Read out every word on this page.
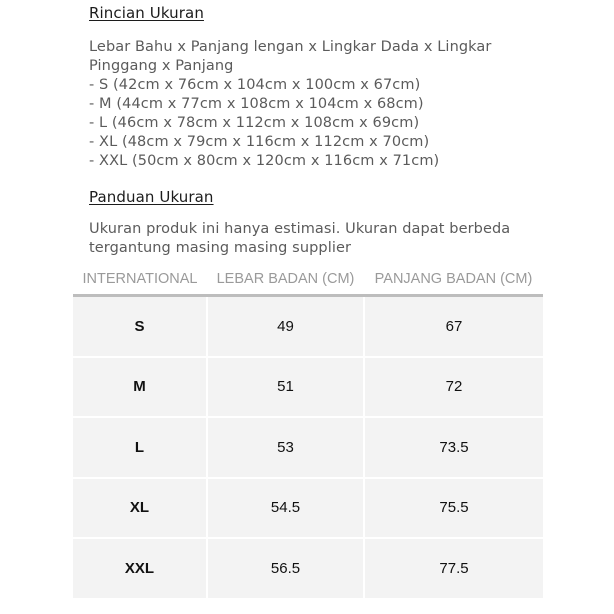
Rincian Ukuran
Lebar Bahu x Panjang lengan x Lingkar Dada x Lingkar
Pinggang x Panjang
- S (42cm x 76cm x 104cm x 100cm x 67cm)
- M (44cm x 77cm x 108cm x 104cm x 68cm)
- L (46cm x 78cm x 112cm x 108cm x 69cm)
- XL (48cm x 79cm x 116cm x 112cm x 70cm)
- XXL (50cm x 80cm x 120cm x 116cm x 71cm)
Panduan Ukuran
Ukuran produk ini hanya estimasi. Ukuran dapat berbeda
tergantung masing masing supplier
INTERNATIONAL	LEBAR BADAN (CM)	PANJANG BADAN (CM)
S	49	67
M	51	72
L	53	73.5
XL	54.5	75.5
XXL	56.5	77.5
